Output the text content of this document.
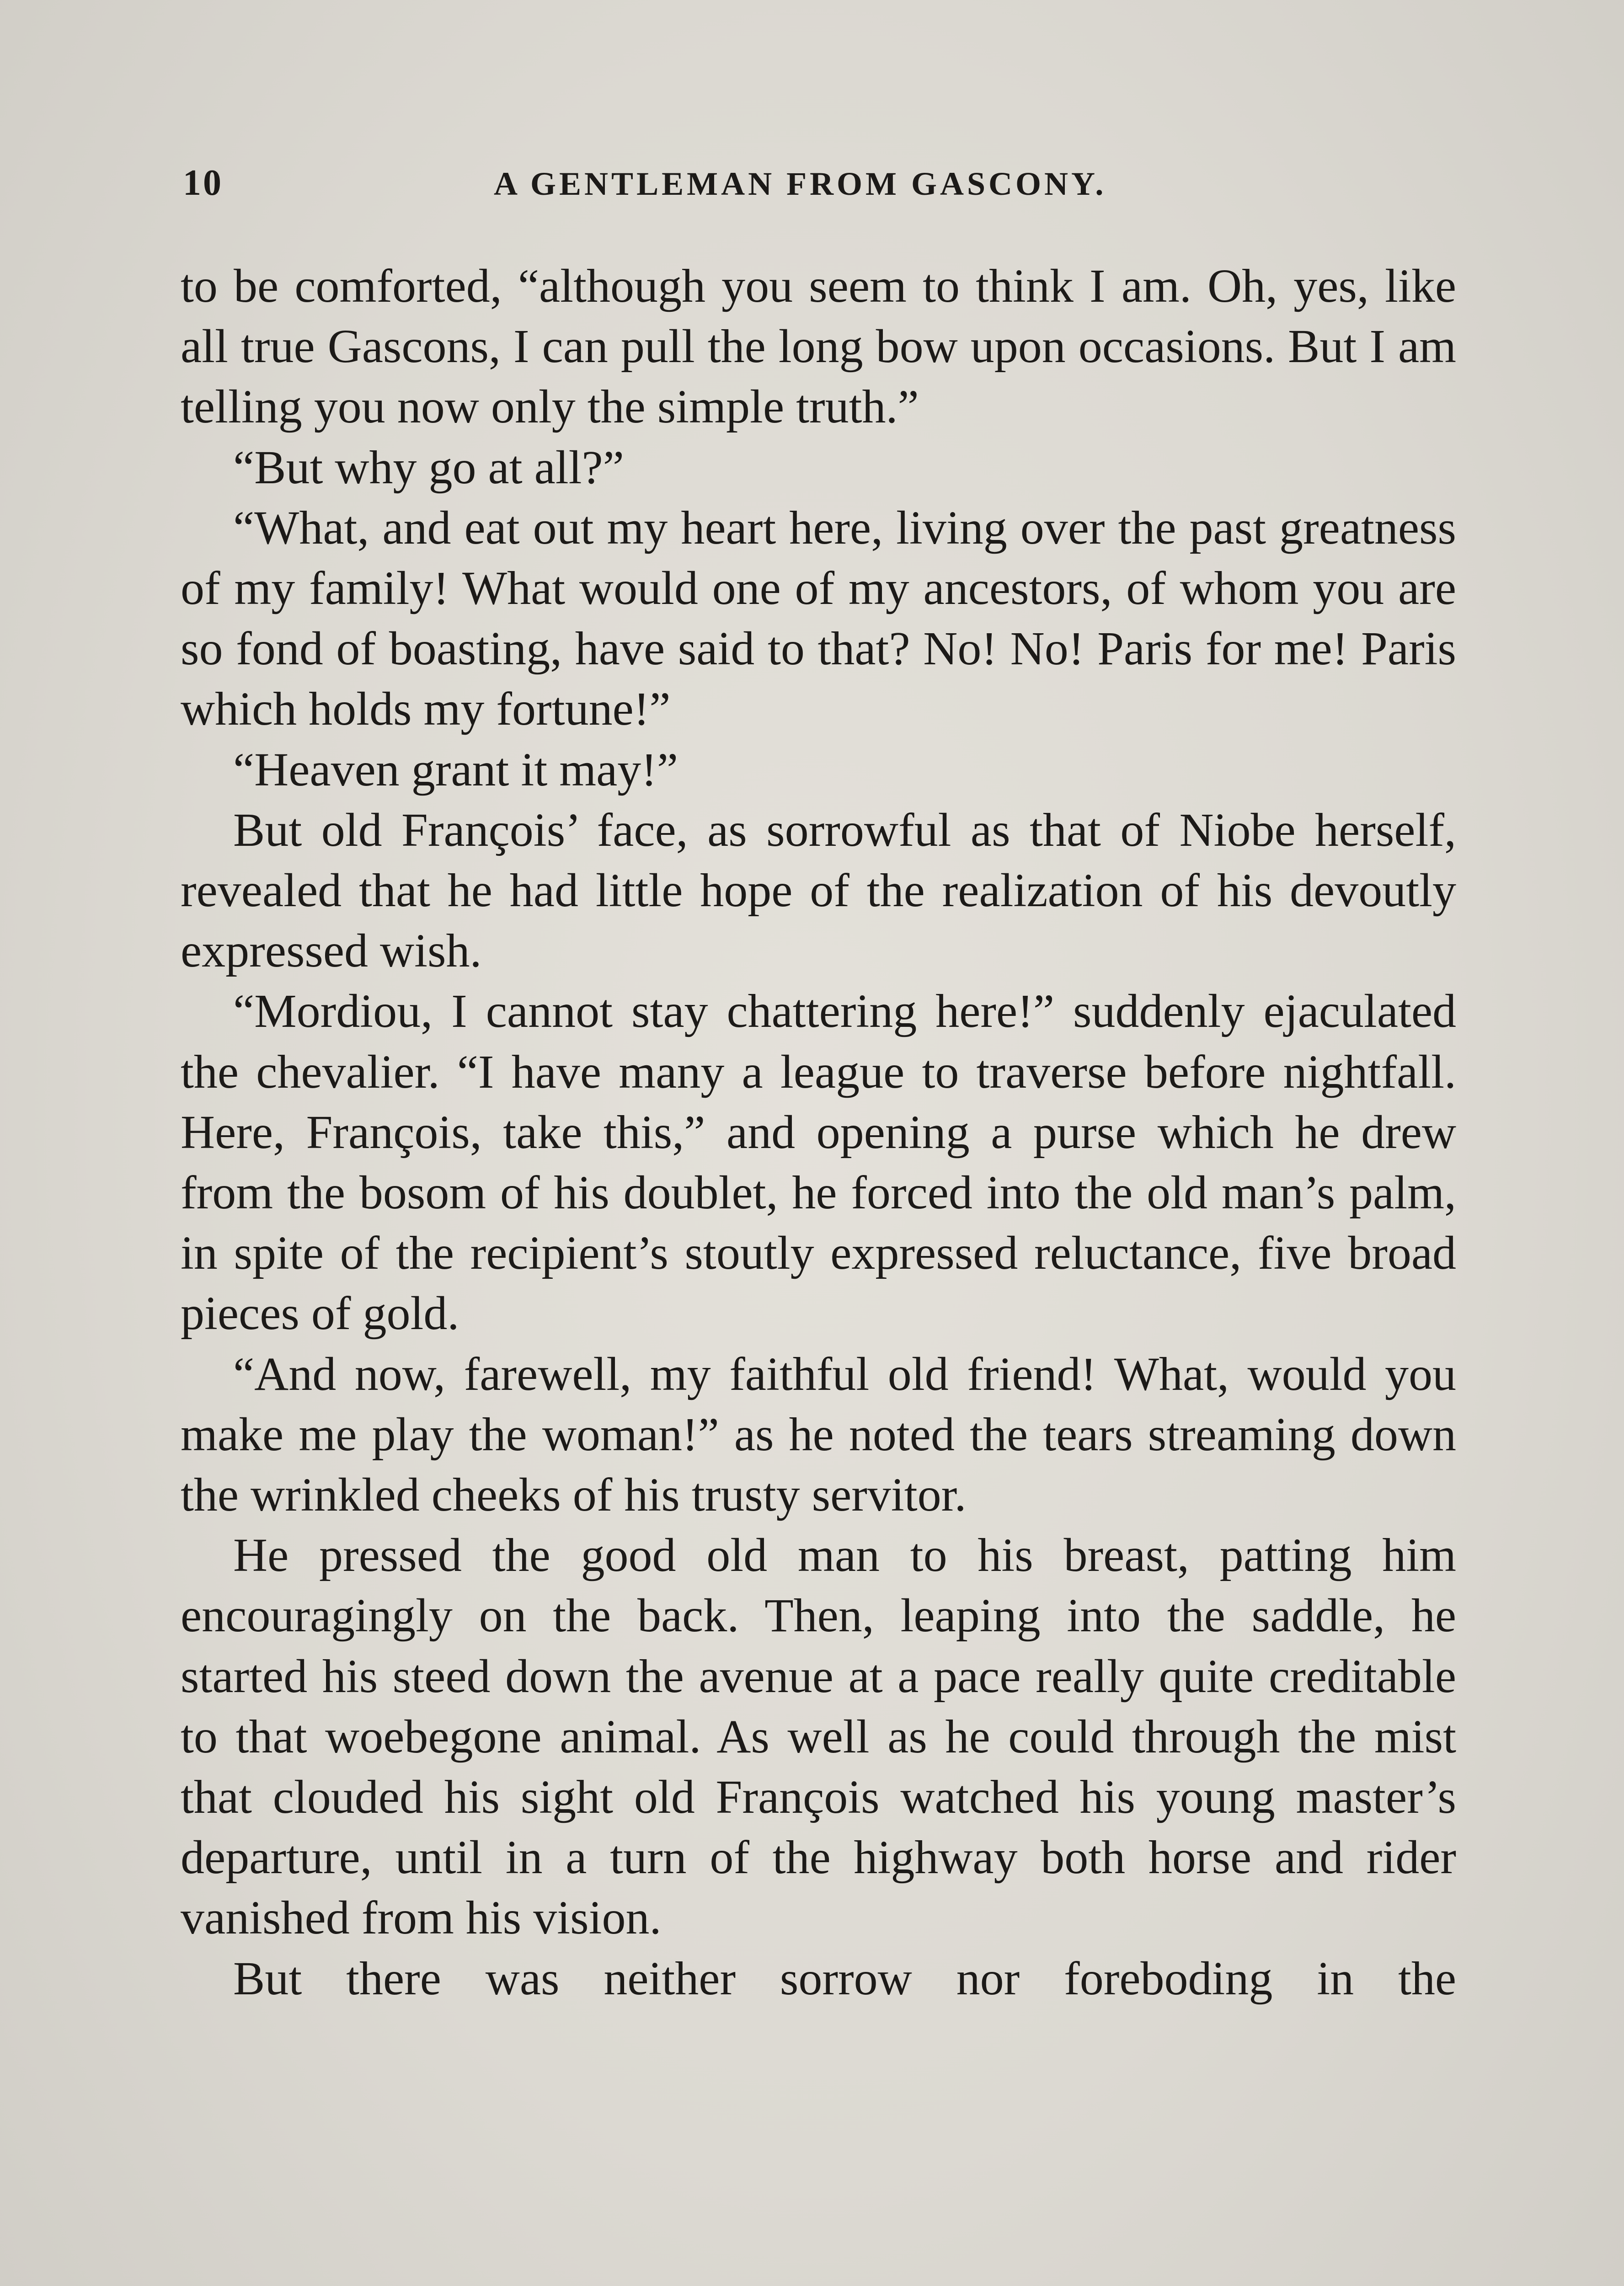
10	A GENTLEMAN FROM GASCONY.

to be comforted, “although you seem to think I am. Oh, yes, like all true Gascons, I can pull the long bow upon occasions. But I am telling you now only the simple truth.”

“But why go at all?”

“What, and eat out my heart here, living over the past greatness of my family! What would one of my ancestors, of whom you are so fond of boasting, have said to that? No! No! Paris for me! Paris which holds my fortune!”

“Heaven grant it may!”

But old François’ face, as sorrowful as that of Niobe herself, revealed that he had little hope of the realization of his devoutly expressed wish.

“Mordiou, I cannot stay chattering here!” suddenly ejaculated the chevalier. “I have many a league to traverse before nightfall. Here, François, take this,” and opening a purse which he drew from the bosom of his doublet, he forced into the old man’s palm, in spite of the recipient’s stoutly expressed reluctance, five broad pieces of gold.

“And now, farewell, my faithful old friend! What, would you make me play the woman!” as he noted the tears streaming down the wrinkled cheeks of his trusty servitor.

He pressed the good old man to his breast, patting him encouragingly on the back. Then, leaping into the saddle, he started his steed down the avenue at a pace really quite creditable to that woebegone animal. As well as he could through the mist that clouded his sight old François watched his young master’s departure, until in a turn of the highway both horse and rider vanished from his vision.

But there was neither sorrow nor foreboding in the
